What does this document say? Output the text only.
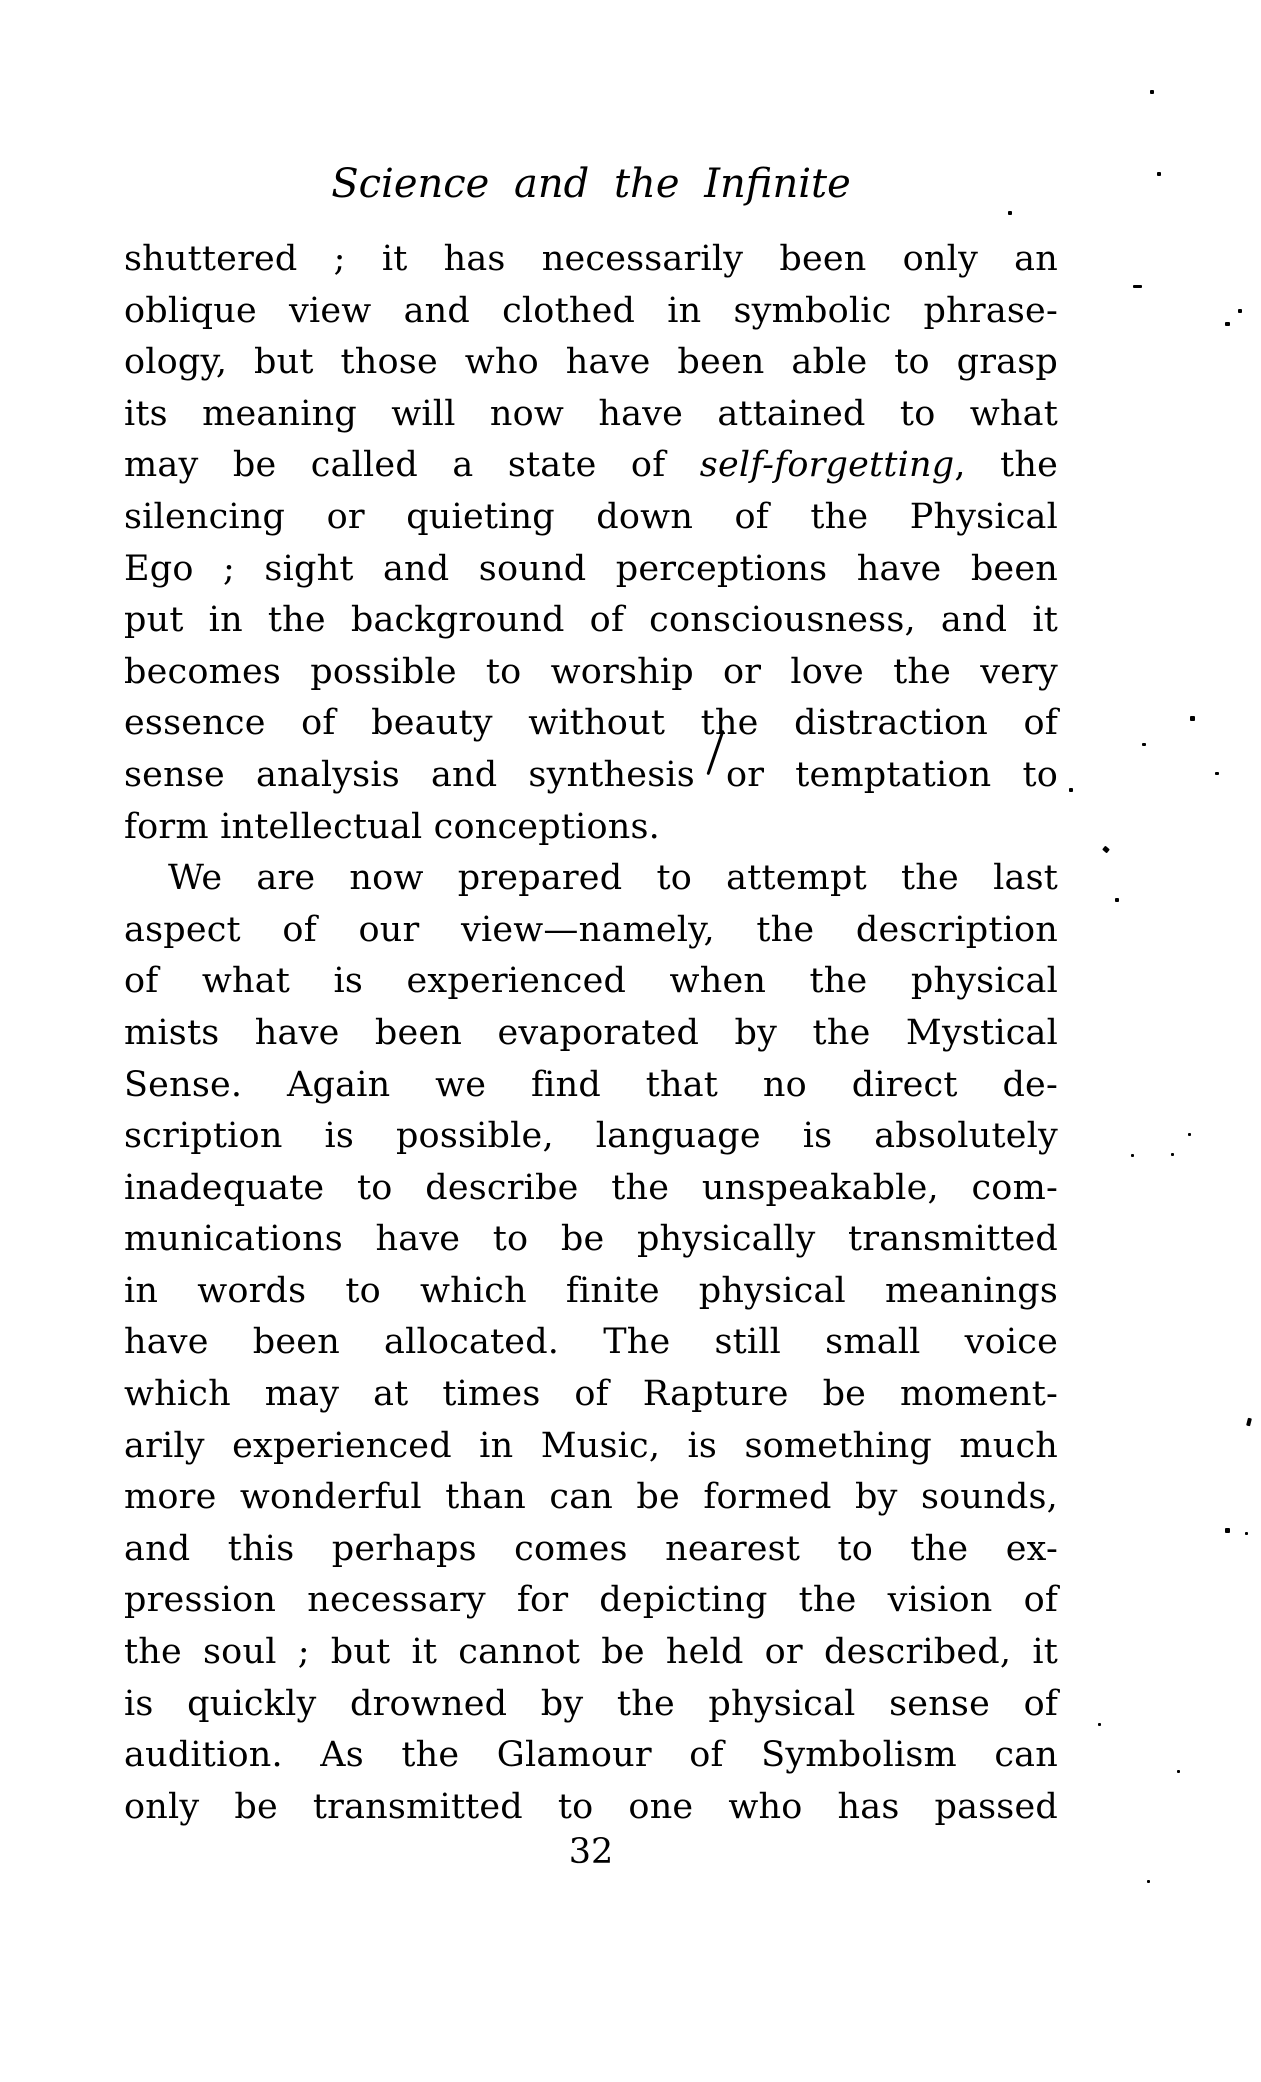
Science and the Infinite
shuttered ; it has necessarily been only an
oblique view and clothed in symbolic phrase-
ology, but those who have been able to grasp
its meaning will now have attained to what
may be called a state of self-forgetting, the
silencing or quieting down of the Physical
Ego ; sight and sound perceptions have been
put in the background of consciousness, and it
becomes possible to worship or love the very
essence of beauty without the distraction of
sense analysis and synthesis or temptation to
form intellectual conceptions.
We are now prepared to attempt the last
aspect of our view—namely, the description
of what is experienced when the physical
mists have been evaporated by the Mystical
Sense. Again we find that no direct de-
scription is possible, language is absolutely
inadequate to describe the unspeakable, com-
munications have to be physically transmitted
in words to which finite physical meanings
have been allocated. The still small voice
which may at times of Rapture be moment-
arily experienced in Music, is something much
more wonderful than can be formed by sounds,
and this perhaps comes nearest to the ex-
pression necessary for depicting the vision of
the soul ; but it cannot be held or described, it
is quickly drowned by the physical sense of
audition. As the Glamour of Symbolism can
only be transmitted to one who has passed
32
